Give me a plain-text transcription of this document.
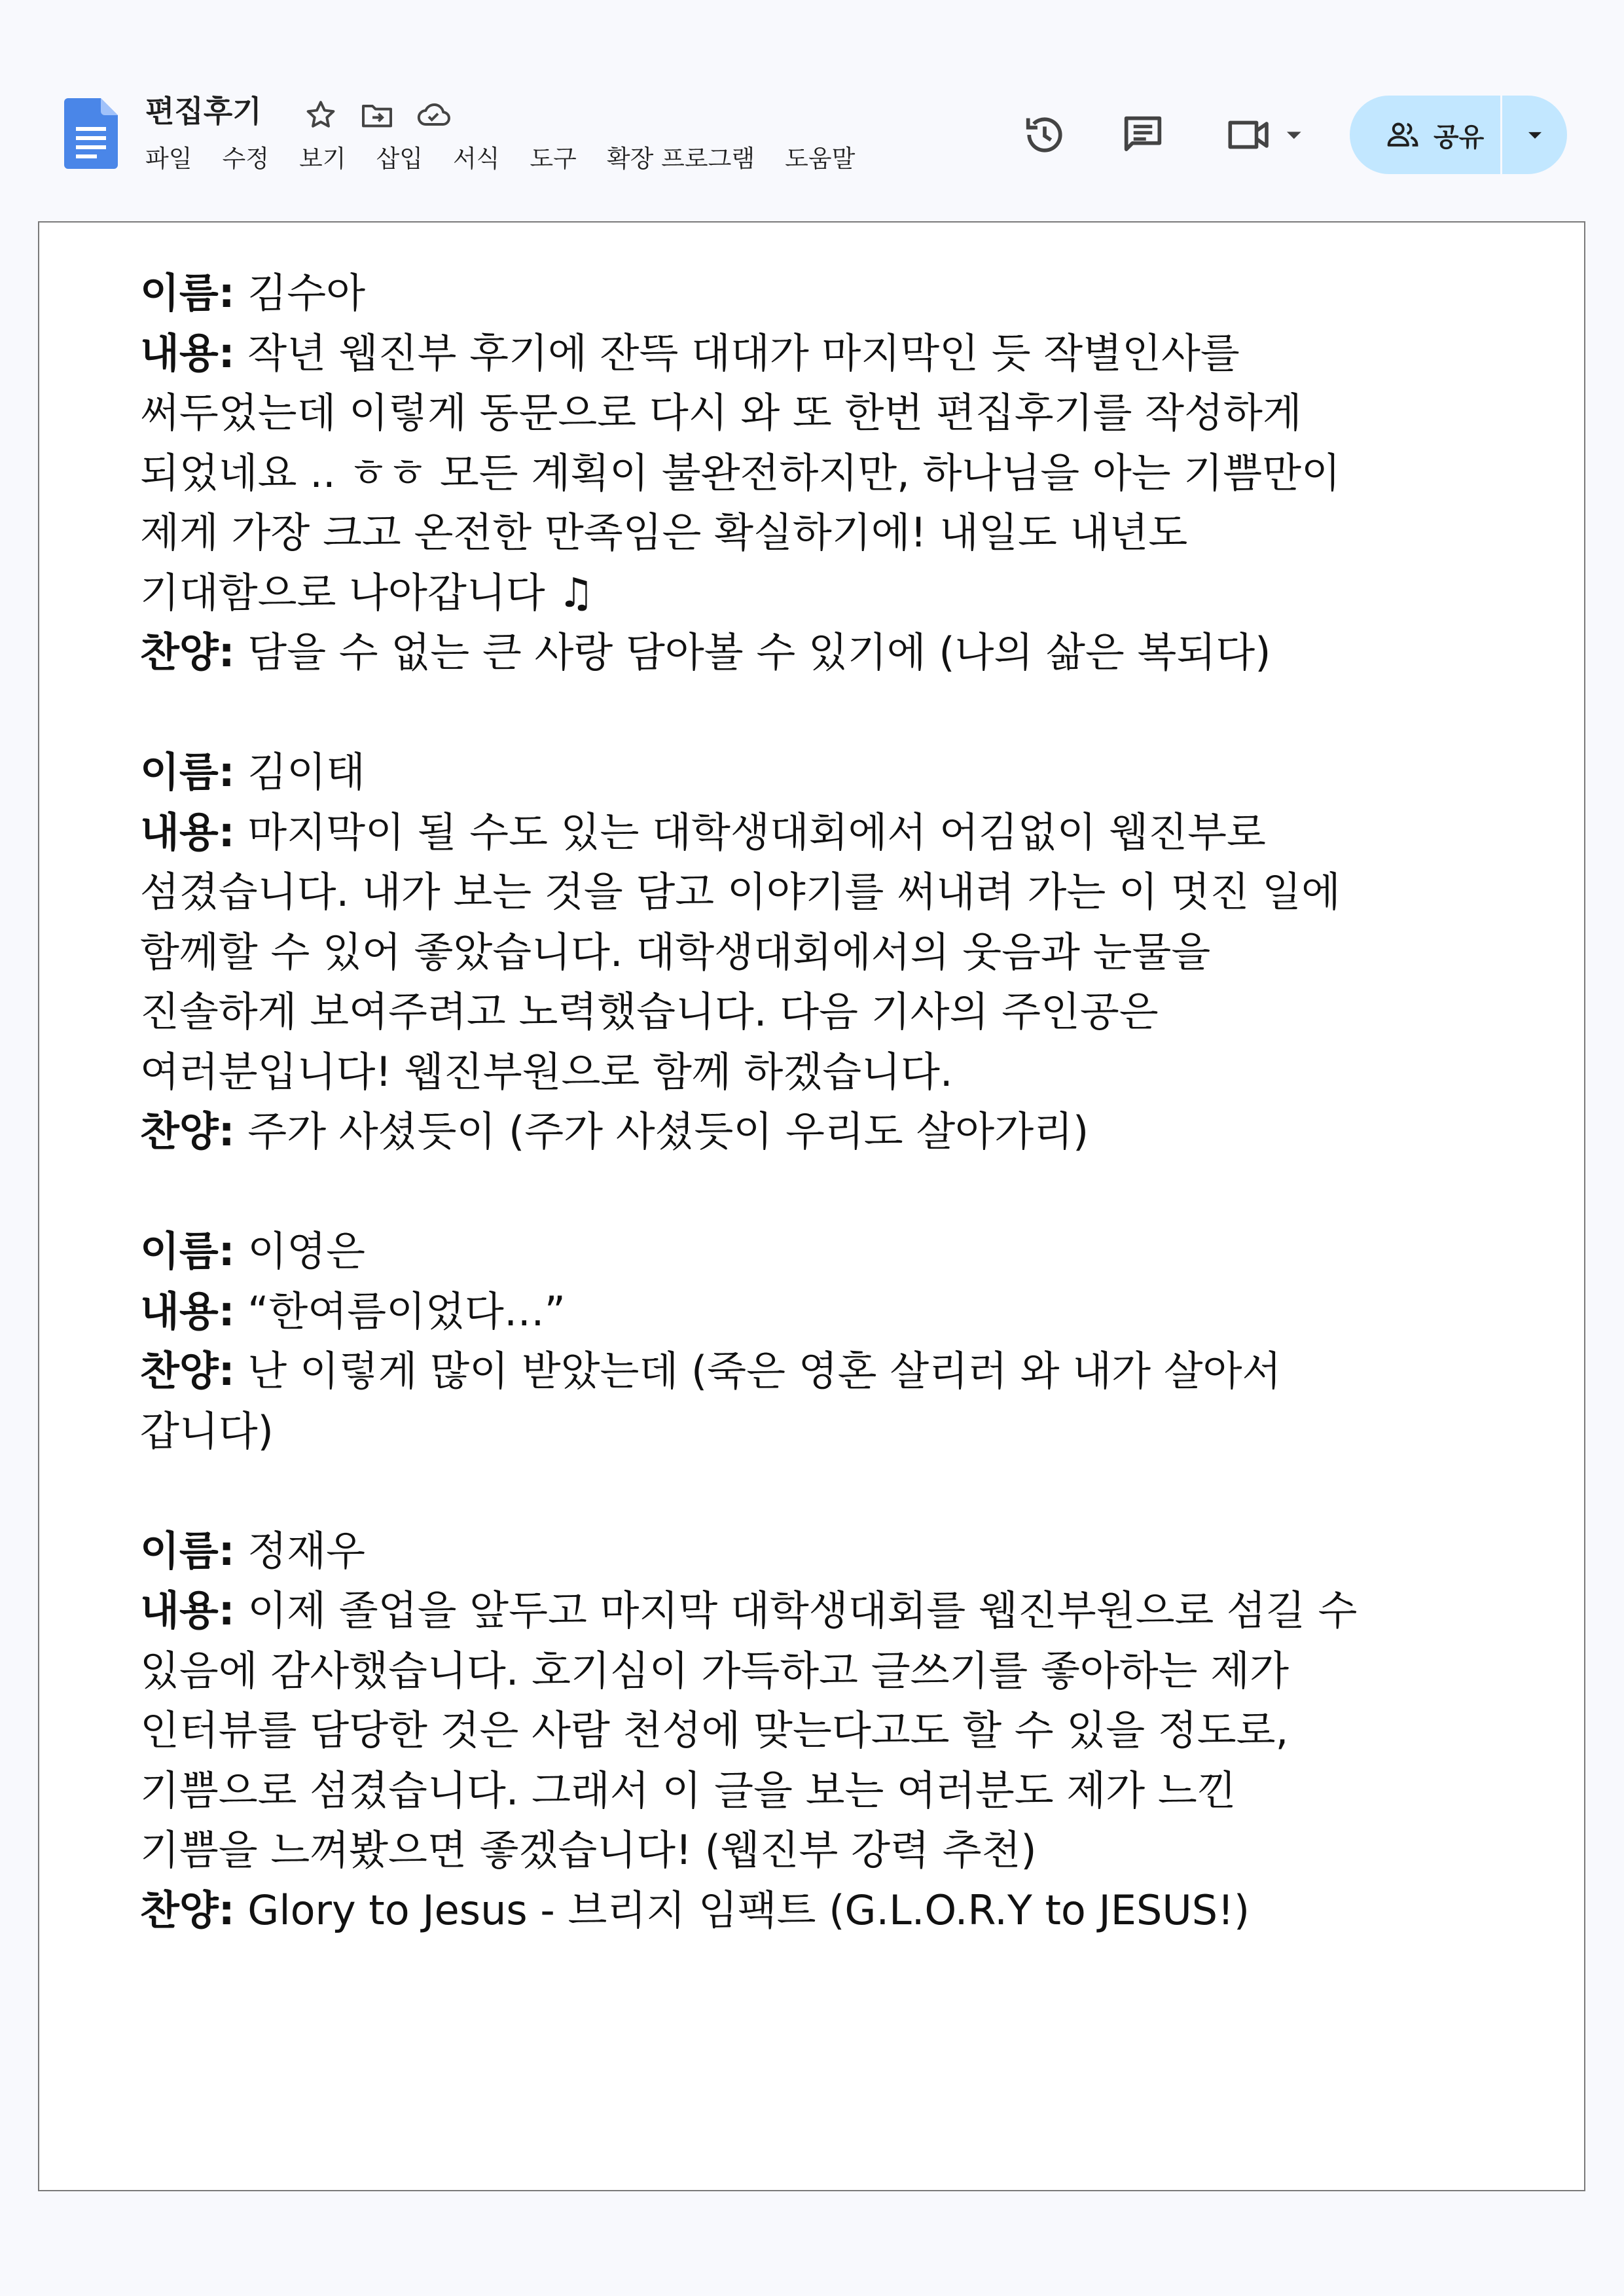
편집후기
파일 수정 보기 삽입 서식 도구 확장 프로그램 도움말
공유
이름: 김수아
내용: 작년 웹진부 후기에 잔뜩 대대가 마지막인 듯 작별인사를
써두었는데 이렇게 동문으로 다시 와 또 한번 편집후기를 작성하게
되었네요 .. ㅎㅎ 모든 계획이 불완전하지만, 하나님을 아는 기쁨만이
제게 가장 크고 온전한 만족임은 확실하기에! 내일도 내년도
기대함으로 나아갑니다 ♫
찬양: 담을 수 없는 큰 사랑 담아볼 수 있기에 (나의 삶은 복되다)
이름: 김이태
내용: 마지막이 될 수도 있는 대학생대회에서 어김없이 웹진부로
섬겼습니다. 내가 보는 것을 담고 이야기를 써내려 가는 이 멋진 일에
함께할 수 있어 좋았습니다. 대학생대회에서의 웃음과 눈물을
진솔하게 보여주려고 노력했습니다. 다음 기사의 주인공은
여러분입니다! 웹진부원으로 함께 하겠습니다.
찬양: 주가 사셨듯이 (주가 사셨듯이 우리도 살아가리)
이름: 이영은
내용: “한여름이었다…”
찬양: 난 이렇게 많이 받았는데 (죽은 영혼 살리러 와 내가 살아서
갑니다)
이름: 정재우
내용: 이제 졸업을 앞두고 마지막 대학생대회를 웹진부원으로 섬길 수
있음에 감사했습니다. 호기심이 가득하고 글쓰기를 좋아하는 제가
인터뷰를 담당한 것은 사람 천성에 맞는다고도 할 수 있을 정도로,
기쁨으로 섬겼습니다. 그래서 이 글을 보는 여러분도 제가 느낀
기쁨을 느껴봤으면 좋겠습니다! (웹진부 강력 추천)
찬양: Glory to Jesus - 브리지 임팩트 (G.L.O.R.Y to JESUS!)
